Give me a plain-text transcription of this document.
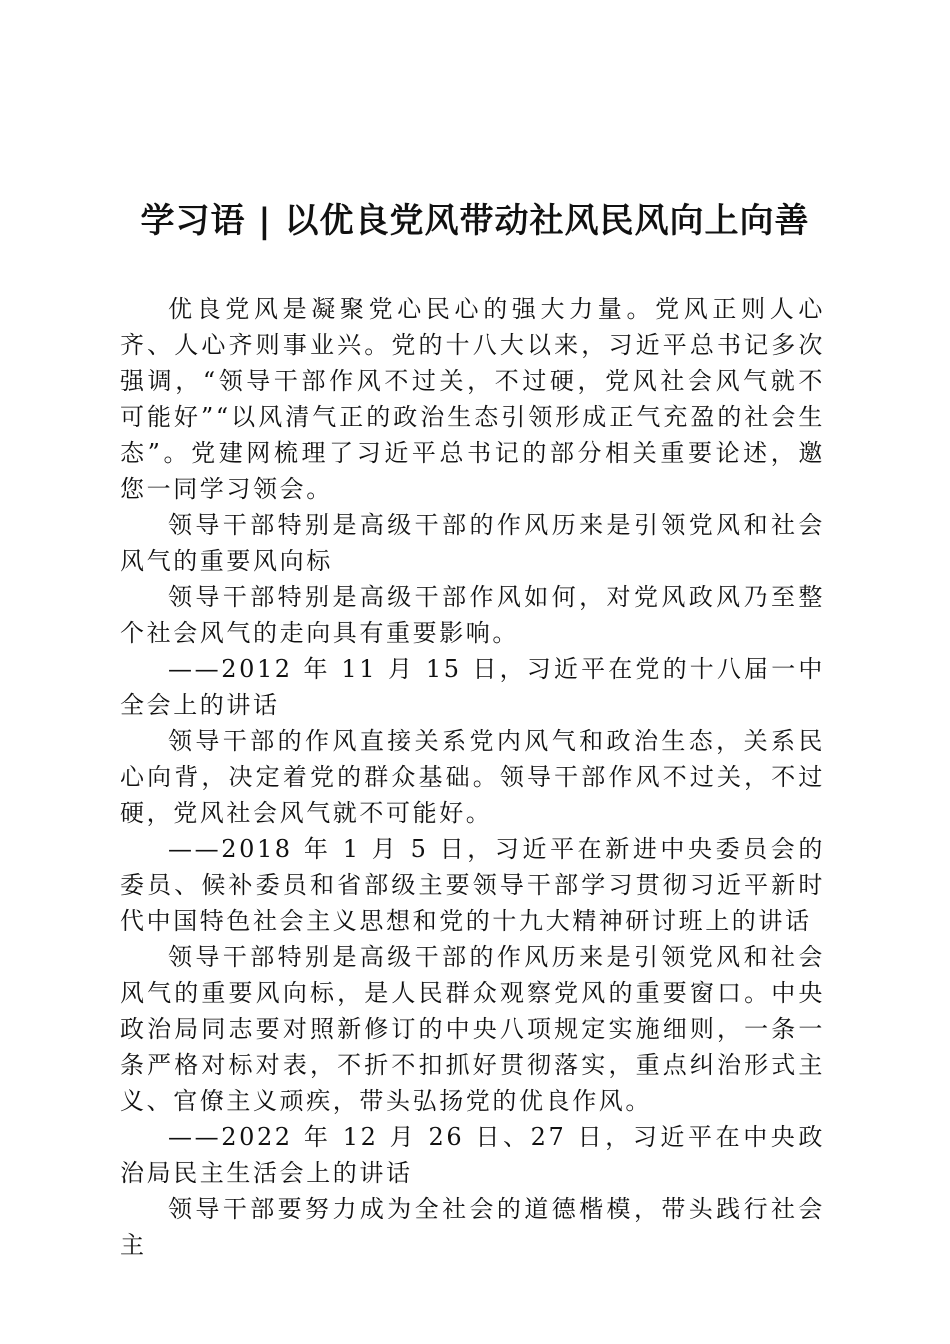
学习语 | 以优良党风带动社风民风向上向善

优良党风是凝聚党心民心的强大力量。党风正则人心齐、人心齐则事业兴。党的十八大以来，习近平总书记多次强调，“领导干部作风不过关，不过硬，党风社会风气就不可能好”“以风清气正的政治生态引领形成正气充盈的社会生态”。党建网梳理了习近平总书记的部分相关重要论述，邀您一同学习领会。

领导干部特别是高级干部的作风历来是引领党风和社会风气的重要风向标

领导干部特别是高级干部作风如何，对党风政风乃至整个社会风气的走向具有重要影响。

——2012 年 11 月 15 日，习近平在党的十八届一中全会上的讲话

领导干部的作风直接关系党内风气和政治生态，关系民心向背，决定着党的群众基础。领导干部作风不过关，不过硬，党风社会风气就不可能好。

——2018 年 1 月 5 日，习近平在新进中央委员会的委员、候补委员和省部级主要领导干部学习贯彻习近平新时代中国特色社会主义思想和党的十九大精神研讨班上的讲话

领导干部特别是高级干部的作风历来是引领党风和社会风气的重要风向标，是人民群众观察党风的重要窗口。中央政治局同志要对照新修订的中央八项规定实施细则，一条一条严格对标对表，不折不扣抓好贯彻落实，重点纠治形式主义、官僚主义顽疾，带头弘扬党的优良作风。

——2022 年 12 月 26 日、27 日，习近平在中央政治局民主生活会上的讲话

领导干部要努力成为全社会的道德楷模，带头践行社会主
